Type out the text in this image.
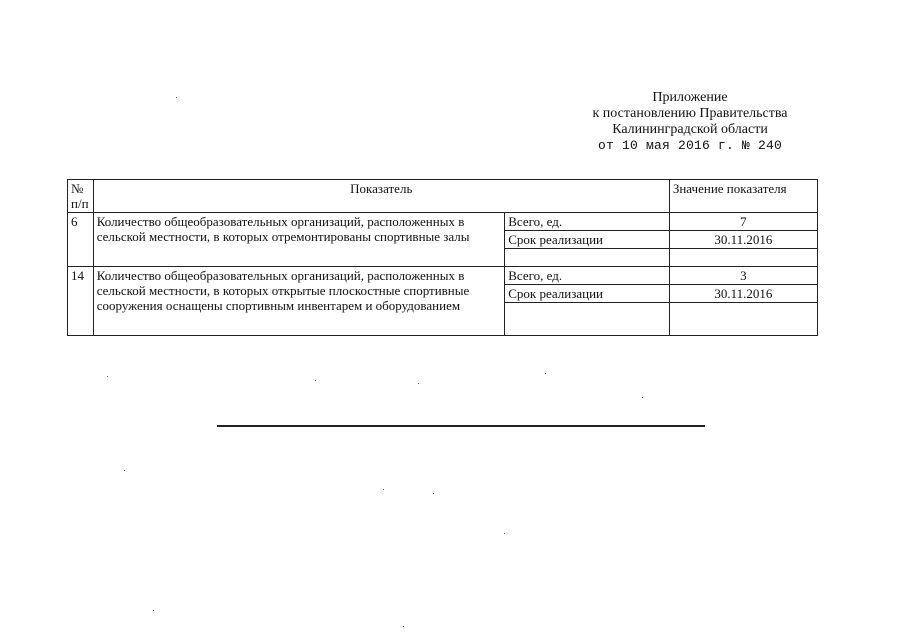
Приложение
к постановлению Правительства
Калининградской области
от 10 мая 2016 г. № 240
№ п/п	Показатель		Значение показателя
6	Количество общеобразовательных организаций, расположенных в сельской местности, в которых отремонтированы спортивные залы	Всего, ед.	7
		Срок реализации	30.11.2016

14	Количество общеобразовательных организаций, расположенных в сельской местности, в которых открытые плоскостные спортивные сооружения оснащены спортивным инвентарем и оборудованием	Всего, ед.	3
		Срок реализации	30.11.2016
